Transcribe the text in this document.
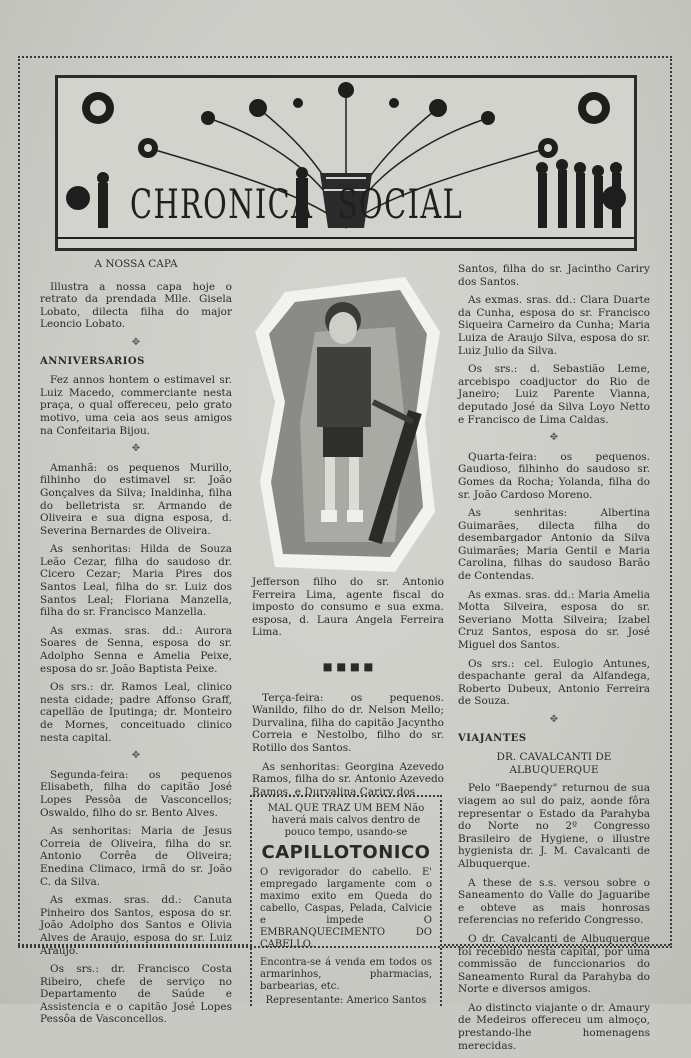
CHRONICA SOCIAL

A NOSSA CAPA

Illustra a nossa capa hoje o retrato da prendada Mlle. Gisela Lobato, dilecta filha do major Leoncio Lobato.

✥
ANNIVERSARIOS

Fez annos hontem o estimavel sr. Luiz Macedo, commerciante nesta praça, o qual offereceu, pelo grato motivo, uma ceia aos seus amigos na Confeitaria Bijou.

✥

Amanhã: os pequenos Murillo, filhinho do estimavel sr. João Gonçalves da Silva; Inaldinha, filha do belletrista sr. Armando de Oliveira e sua digna esposa, d. Severina Bernardes de Oliveira.

As senhoritas: Hilda de Souza Leão Cezar, filha do saudoso dr. Cicero Cezar; Maria Pires dos Santos Leal, filha do sr. Luiz dos Santos Leal; Floriana Manzella, filha do sr. Francisco Manzella.

As exmas. sras. dd.: Aurora Soares de Senna, esposa do sr. Adolpho Senna e Amelia Peixe, esposa do sr. João Baptista Peixe.

Os srs.: dr. Ramos Leal, clinico nesta cidade; padre Affonso Graff, capellão de Iputinga; dr. Monteiro de Mornes, conceituado clinico nesta capital.

✥

Segunda-feira: os pequenos Elisabeth, filha do capitão José Lopes Pessôa de Vasconcellos; Oswaldo, filho do sr. Bento Alves.

As senhoritas: Maria de Jesus Correia de Oliveira, filha do sr. Antonio Corrêa de Oliveira; Enedina Climaco, irmã do sr. João C. da Silva.

As exmas. sras. dd.: Canuta Pinheiro dos Santos, esposa do sr. João Adolpho dos Santos e Olivia Alves de Araujo, esposa do sr. Luiz Araujo.

Os srs.: dr. Francisco Costa Ribeiro, chefe de serviço no Departamento de Saúde e Assistencia e o capitão José Lopes Pessôa de Vasconcellos.

Jefferson filho do sr. Antonio Ferreira Lima, agente fiscal do imposto do consumo e sua exma. esposa, d. Laura Angela Ferreira Lima.

■ ■ ■ ■

Terça-feira: os pequenos. Wanildo, filho do dr. Nelson Mello; Durvalina, filha do capitão Jacyntho Correia e Nestolbo, filho do sr. Rotillo dos Santos.

As senhoritas: Georgina Azevedo Ramos, filha do sr. Antonio Azevedo Ramos, e Durvalina Cariry dos

MAL QUE TRAZ UM BEM Não haverá mais calvos dentro de pouco tempo, usando-se

CAPILLOTONICO

O revigorador do cabello. E' empregado largamente com o maximo exito em Queda do cabello, Caspas, Pelada, Calvicie e impede O EMBRANQUECIMENTO DO CABELLO.

Encontra-se á venda em todos os armarinhos, pharmacias, barbearias, etc.

Representante: Americo Santos

Santos, filha do sr. Jacintho Cariry dos Santos.

As exmas. sras. dd.: Clara Duarte da Cunha, esposa do sr. Francisco Siqueira Carneiro da Cunha; Maria Luiza de Araujo Silva, esposa do sr. Luiz Julio da Silva.

Os srs.: d. Sebastião Leme, arcebispo coadjuctor do Rio de Janeiro; Luiz Parente Vianna, deputado José da Silva Loyo Netto e Francisco de Lima Caldas.

✥

Quarta-feira: os pequenos. Gaudioso, filhinho do saudoso sr. Gomes da Rocha; Yolanda, filha do sr. João Cardoso Moreno.

As senhritas: Albertina Guimarães, dilecta filha do desembargador Antonio da Silva Guimarães; Maria Gentil e Maria Carolina, filhas do saudoso Barão de Contendas.

As exmas. sras. dd.: Maria Amelia Motta Silveira, esposa do sr. Severiano Motta Silveira; Izabel Cruz Santos, esposa do sr. José Miguel dos Santos.

Os srs.: cel. Eulogio Antunes, despachante geral da Alfandega, Roberto Dubeux, Antonio Ferreira de Souza.

✥
VIAJANTES

DR. CAVALCANTI DE ALBUQUERQUE

Pelo "Baependy" returnou de sua viagem ao sul do paiz, aonde fôra representar o Estado da Parahyba do Norte no 2º Congresso Brasileiro de Hygiene, o illustre hygienista dr. J. M. Cavalcanti de Albuquerque.

A these de s.s. versou sobre o Saneamento do Valle do Jaguaribe e obteve as mais honrosas referencias no referido Congresso.

O dr. Cavalcanti de Albuquerque foi recebido nesta capital, por uma commissão de funccionarios do Saneamento Rural da Parahyba do Norte e diversos amigos.

Ao distincto viajante o dr. Amaury de Medeiros offereceu um almoço, prestando-lhe homenagens merecidas.
